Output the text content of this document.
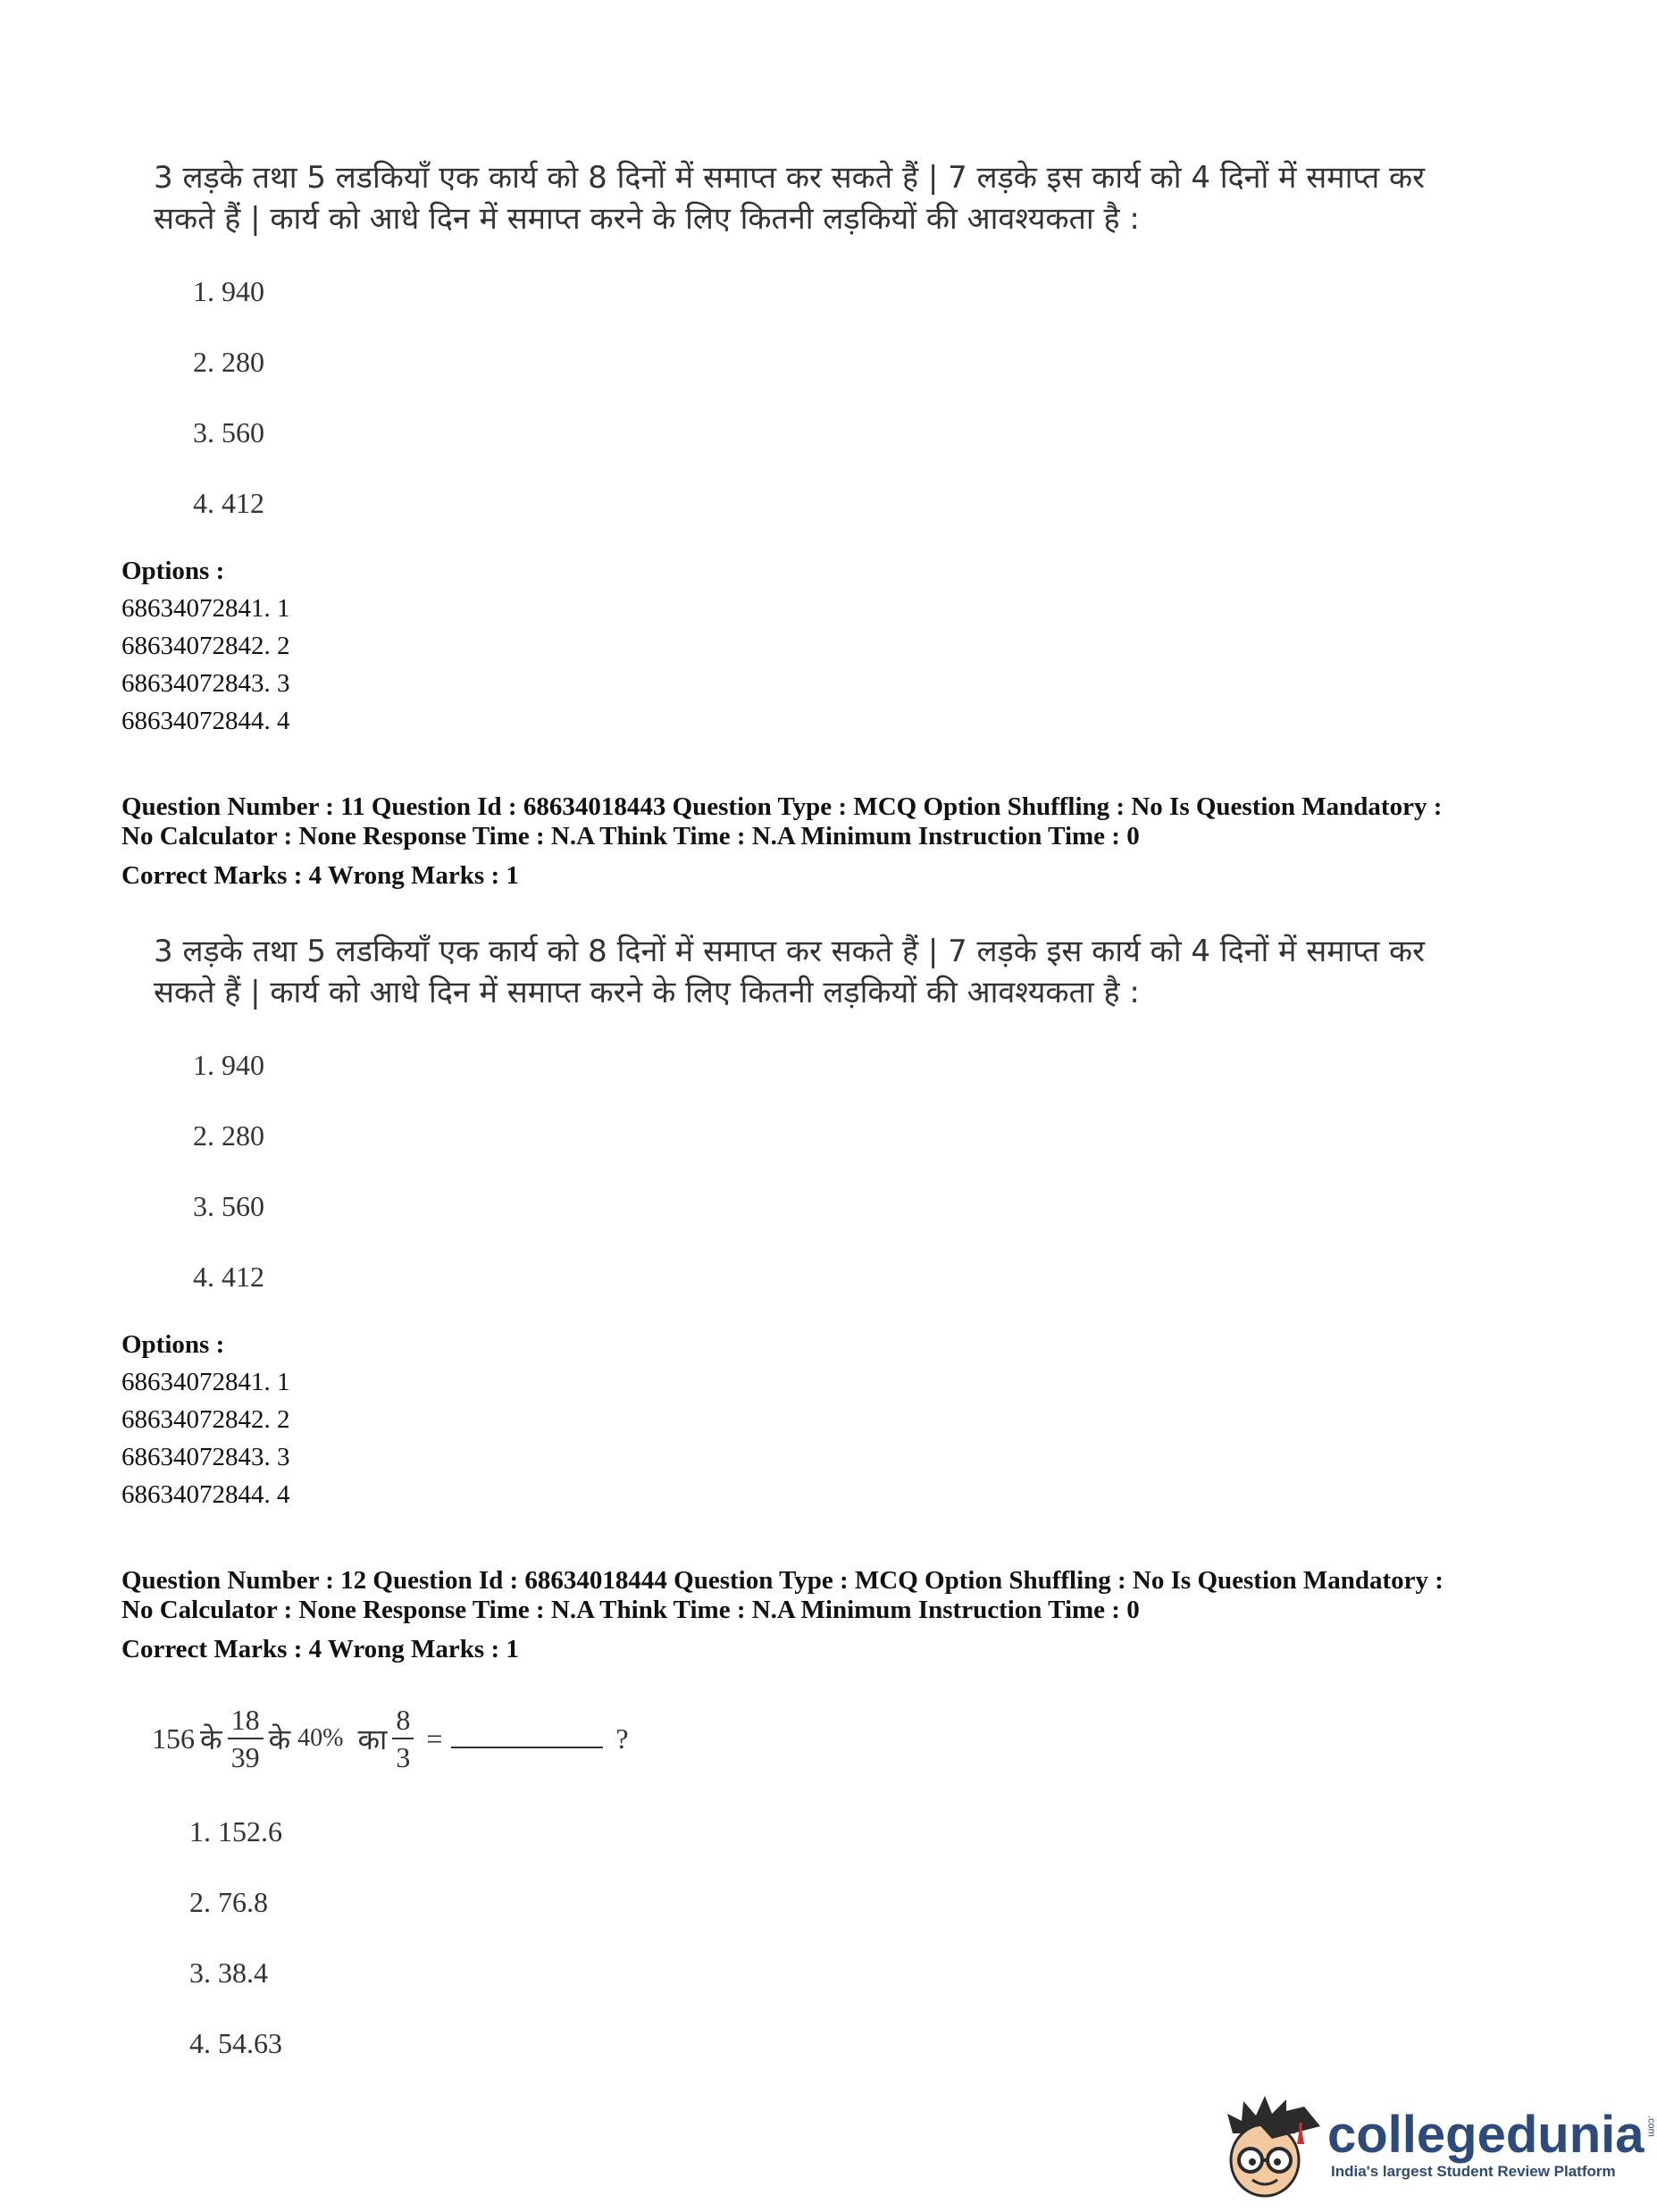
3 लड़के तथा 5 लडकियाँ एक कार्य को 8 दिनों में समाप्त कर सकते हैं | 7 लड़के इस कार्य को 4 दिनों में समाप्त कर
सकते हैं | कार्य को आधे दिन में समाप्त करने के लिए कितनी लड़कियों की आवश्यकता है :
1. 940
2. 280
3. 560
4. 412
Options :
68634072841. 1
68634072842. 2
68634072843. 3
68634072844. 4
Question Number : 11 Question Id : 68634018443 Question Type : MCQ Option Shuffling : No Is Question Mandatory :
No Calculator : None Response Time : N.A Think Time : N.A Minimum Instruction Time : 0
Correct Marks : 4 Wrong Marks : 1
3 लड़के तथा 5 लडकियाँ एक कार्य को 8 दिनों में समाप्त कर सकते हैं | 7 लड़के इस कार्य को 4 दिनों में समाप्त कर
सकते हैं | कार्य को आधे दिन में समाप्त करने के लिए कितनी लड़कियों की आवश्यकता है :
1. 940
2. 280
3. 560
4. 412
Options :
68634072841. 1
68634072842. 2
68634072843. 3
68634072844. 4
Question Number : 12 Question Id : 68634018444 Question Type : MCQ Option Shuffling : No Is Question Mandatory :
No Calculator : None Response Time : N.A Think Time : N.A Minimum Instruction Time : 0
Correct Marks : 4 Wrong Marks : 1
156 के $\frac{18}{39}$ के 40% का $\frac{8}{3}$ =	?
1. 152.6
2. 76.8
3. 38.4
4. 54.63
collegedunia .com
India's largest Student Review Platform
